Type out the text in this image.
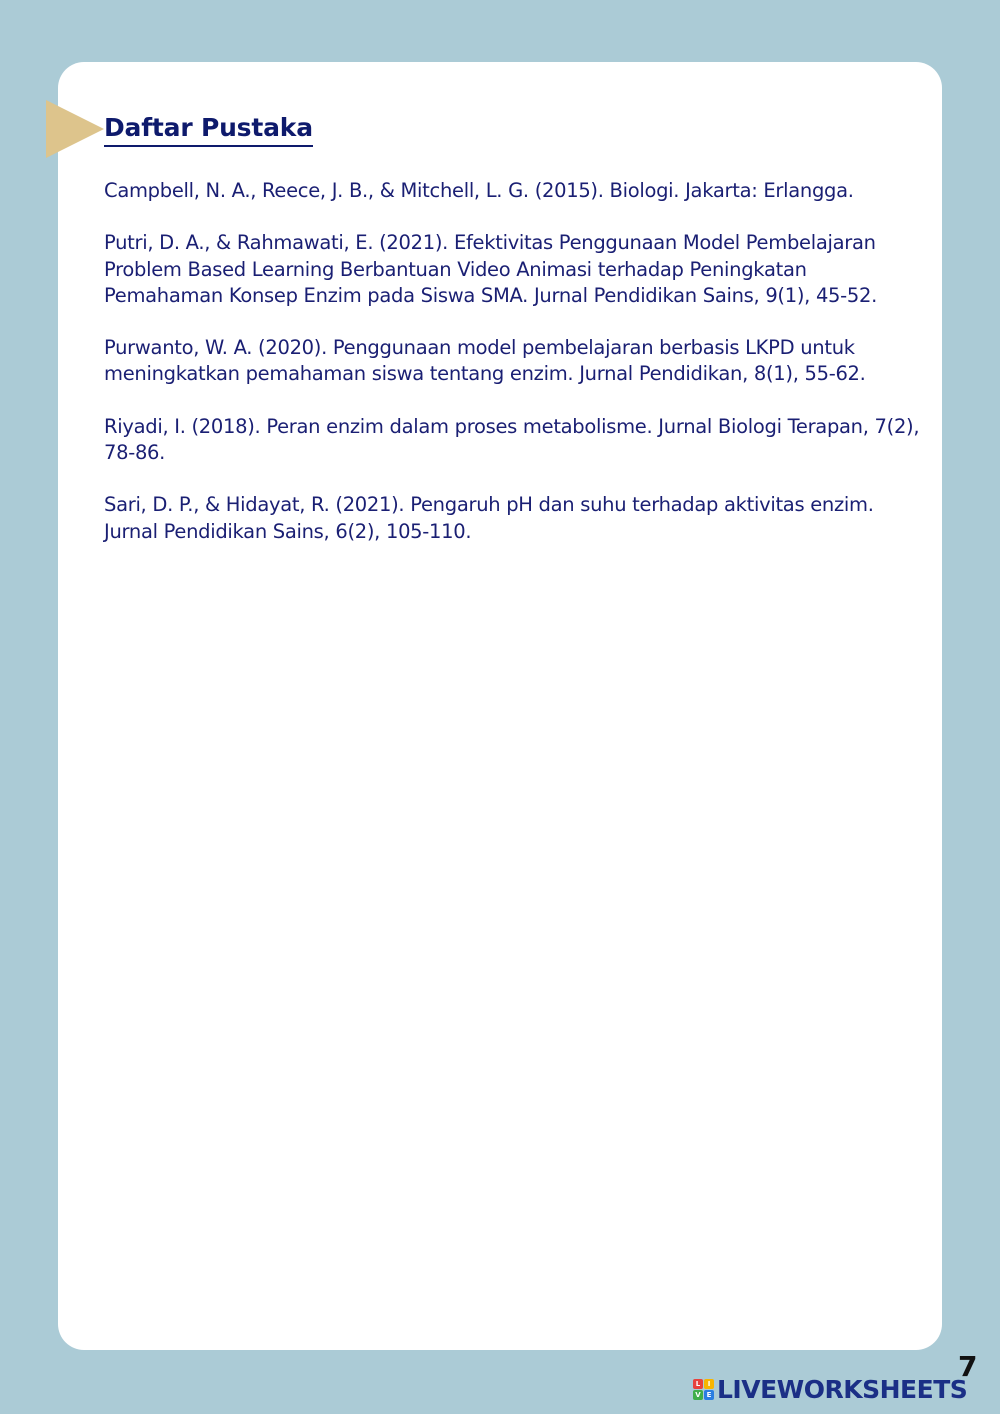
Daftar Pustaka

Campbell, N. A., Reece, J. B., & Mitchell, L. G. (2015). Biologi. Jakarta: Erlangga.

Putri, D. A., & Rahmawati, E. (2021). Efektivitas Penggunaan Model Pembelajaran Problem Based Learning Berbantuan Video Animasi terhadap Peningkatan Pemahaman Konsep Enzim pada Siswa SMA. Jurnal Pendidikan Sains, 9(1), 45-52.

Purwanto, W. A. (2020). Penggunaan model pembelajaran berbasis LKPD untuk meningkatkan pemahaman siswa tentang enzim. Jurnal Pendidikan, 8(1), 55-62.

Riyadi, I. (2018). Peran enzim dalam proses metabolisme. Jurnal Biologi Terapan, 7(2), 78-86.

Sari, D. P., & Hidayat, R. (2021). Pengaruh pH dan suhu terhadap aktivitas enzim. Jurnal Pendidikan Sains, 6(2), 105-110.

L	I
V E LIVEWORKSHEETS
7
